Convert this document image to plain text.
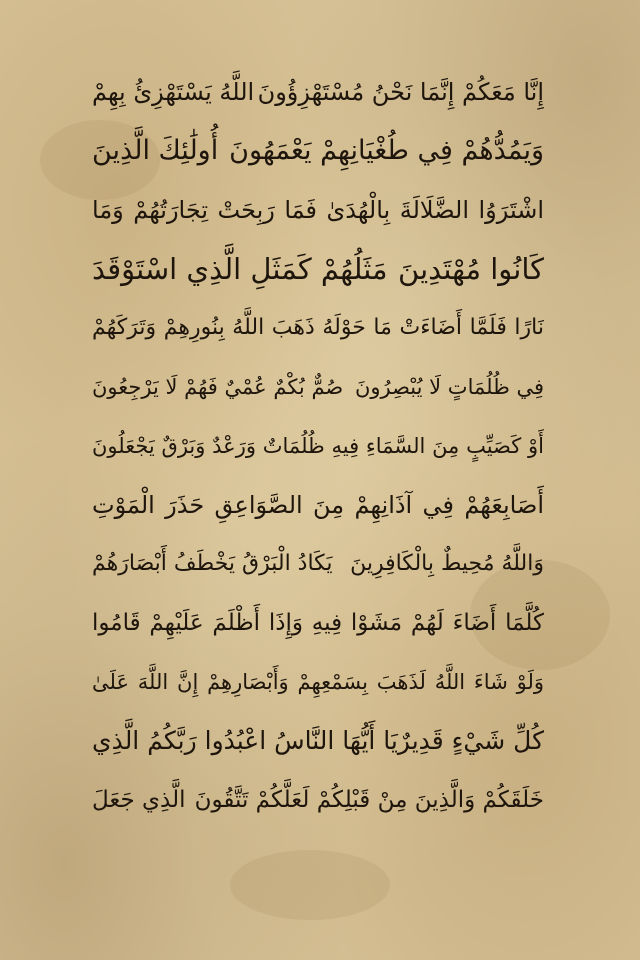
إِنَّا مَعَكُمْ إِنَّمَا نَحْنُ مُسْتَهْزِؤُونَ
اللَّهُ يَسْتَهْزِئُ بِهِمْ
وَيَمُدُّهُمْ فِي طُغْيَانِهِمْ يَعْمَهُونَ
أُولَٰئِكَ الَّذِينَ
اشْتَرَوُا الضَّلَالَةَ بِالْهُدَىٰ فَمَا رَبِحَتْ تِجَارَتُهُمْ وَمَا
كَانُوا مُهْتَدِينَ
مَثَلُهُمْ كَمَثَلِ الَّذِي اسْتَوْقَدَ
نَارًا فَلَمَّا أَضَاءَتْ مَا حَوْلَهُ ذَهَبَ اللَّهُ بِنُورِهِمْ وَتَرَكَهُمْ
فِي ظُلُمَاتٍ لَا يُبْصِرُونَ
صُمٌّ بُكْمٌ عُمْيٌ فَهُمْ لَا يَرْجِعُونَ
أَوْ كَصَيِّبٍ مِنَ السَّمَاءِ فِيهِ ظُلُمَاتٌ وَرَعْدٌ وَبَرْقٌ يَجْعَلُونَ
أَصَابِعَهُمْ فِي آذَانِهِمْ مِنَ الصَّوَاعِقِ حَذَرَ الْمَوْتِ
وَاللَّهُ مُحِيطٌ بِالْكَافِرِينَ
يَكَادُ الْبَرْقُ يَخْطَفُ أَبْصَارَهُمْ
كُلَّمَا أَضَاءَ لَهُمْ مَشَوْا فِيهِ وَإِذَا أَظْلَمَ عَلَيْهِمْ قَامُوا
وَلَوْ شَاءَ اللَّهُ لَذَهَبَ بِسَمْعِهِمْ وَأَبْصَارِهِمْ إِنَّ اللَّهَ عَلَىٰ
كُلِّ شَيْءٍ قَدِيرٌ
يَا أَيُّهَا النَّاسُ اعْبُدُوا رَبَّكُمُ الَّذِي
خَلَقَكُمْ وَالَّذِينَ مِنْ قَبْلِكُمْ لَعَلَّكُمْ تَتَّقُونَ
الَّذِي جَعَلَ
